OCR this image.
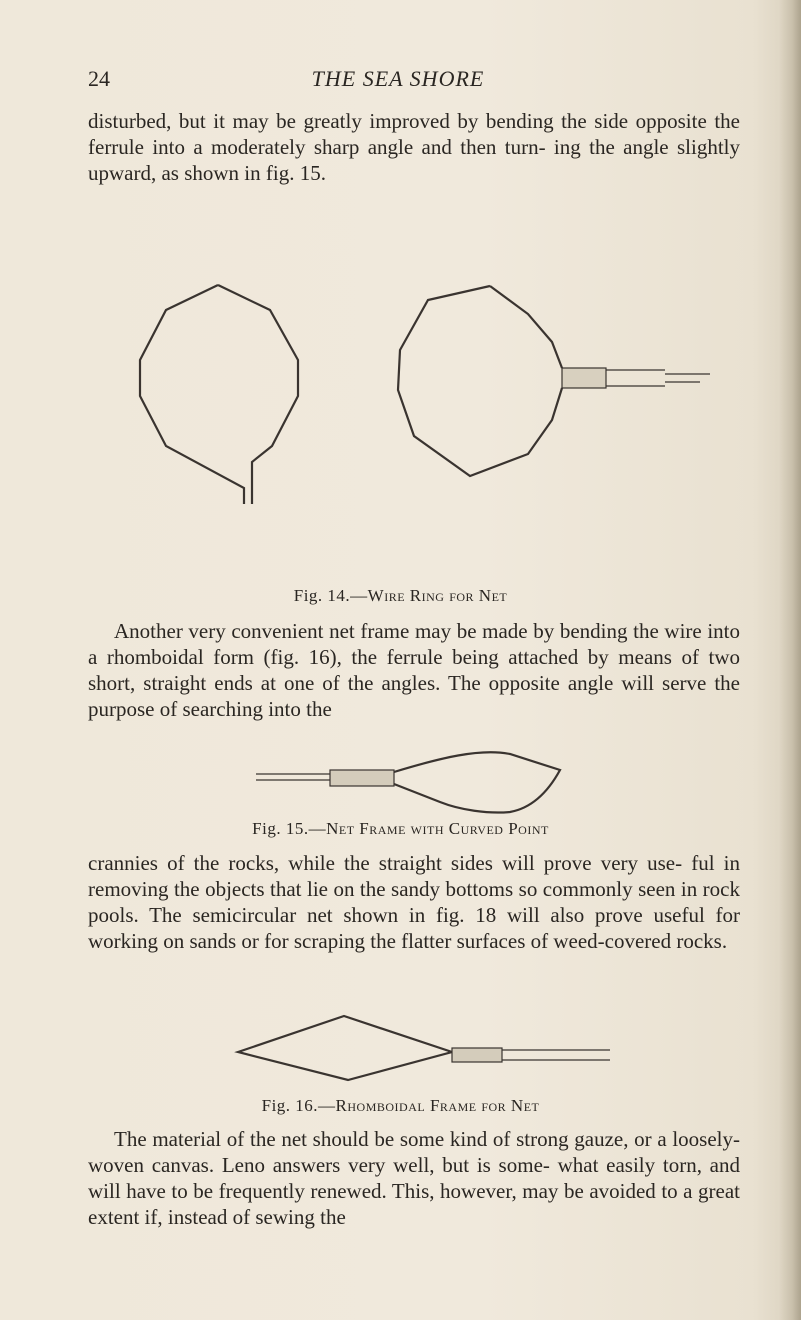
24	THE SEA SHORE

disturbed, but it may be greatly improved by bending the side opposite the ferrule into a moderately sharp angle and then turn- ing the angle slightly upward, as shown in fig. 15.

Fig. 14.—Wire Ring for Net

Another very convenient net frame may be made by bending the wire into a rhomboidal form (fig. 16), the ferrule being attached by means of two short, straight ends at one of the angles. The opposite angle will serve the purpose of searching into the

Fig. 15.—Net Frame with Curved Point

crannies of the rocks, while the straight sides will prove very use- ful in removing the objects that lie on the sandy bottoms so commonly seen in rock pools. The semicircular net shown in fig. 18 will also prove useful for working on sands or for scraping the flatter surfaces of weed-covered rocks.

Fig. 16.—Rhomboidal Frame for Net

The material of the net should be some kind of strong gauze, or a loosely-woven canvas. Leno answers very well, but is some- what easily torn, and will have to be frequently renewed. This, however, may be avoided to a great extent if, instead of sewing the
